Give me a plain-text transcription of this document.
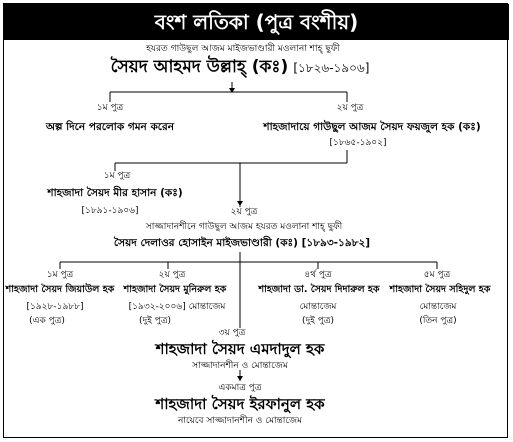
বংশ লতিকা (পুত্র বংশীয়)
হযরত গাউছুল আজম মাইজভাণ্ডারী মওলানা শাহ্ ছুফী
সৈয়দ আহমদ উল্লাহ্ (কঃ) [১৮২৬-১৯০৬]
১ম পুত্র
অল্প দিনে পরলোক গমন করেন
২য় পুত্র
শাহজাদায়ে গাউছুল আজম সৈয়দ ফয়জুল হক (কঃ)
[১৮৬৫-১৯০২]
১ম পুত্র
শাহজাদা সৈয়দ মীর হাসান (কঃ)
[১৮৯১-১৯০৬]	২য় পুত্র
সাজ্জাদানশীনে গাউছুল আজম হযরত মওলানা শাহ্ ছুফী
সৈয়দ দেলাওর হোসাইন মাইজভাণ্ডারী (কঃ) [১৮৯৩-১৯৮২]
১ম পুত্র
শাহজাদা সৈয়দ জিয়াউল হক
[১৯২৮-১৯৮৮]
(এক পুত্র)
২য় পুত্র
শাহজাদা সৈয়দ মুনিরুল হক
[১৯৩২-২০০৬] মোন্তাজেম
(দুই পুত্র)
৪র্থ পুত্র
শাহজাদা ডা. সৈয়দ দিদারুল হক
মোন্তাজেম
(দুই পুত্র)
৫ম পুত্র
শাহজাদা সৈয়দ সহিদুল হক
মোন্তাজেম
(তিন পুত্র)
৩য় পুত্র
শাহজাদা সৈয়দ এমদাদুল হক
সাজ্জাদানশীন ও মোন্তাজেম
একমাত্র পুত্র
শাহজাদা সৈয়দ ইরফানুল হক
নায়েবে সাজ্জাদানশীন ও মোন্তাজেম
